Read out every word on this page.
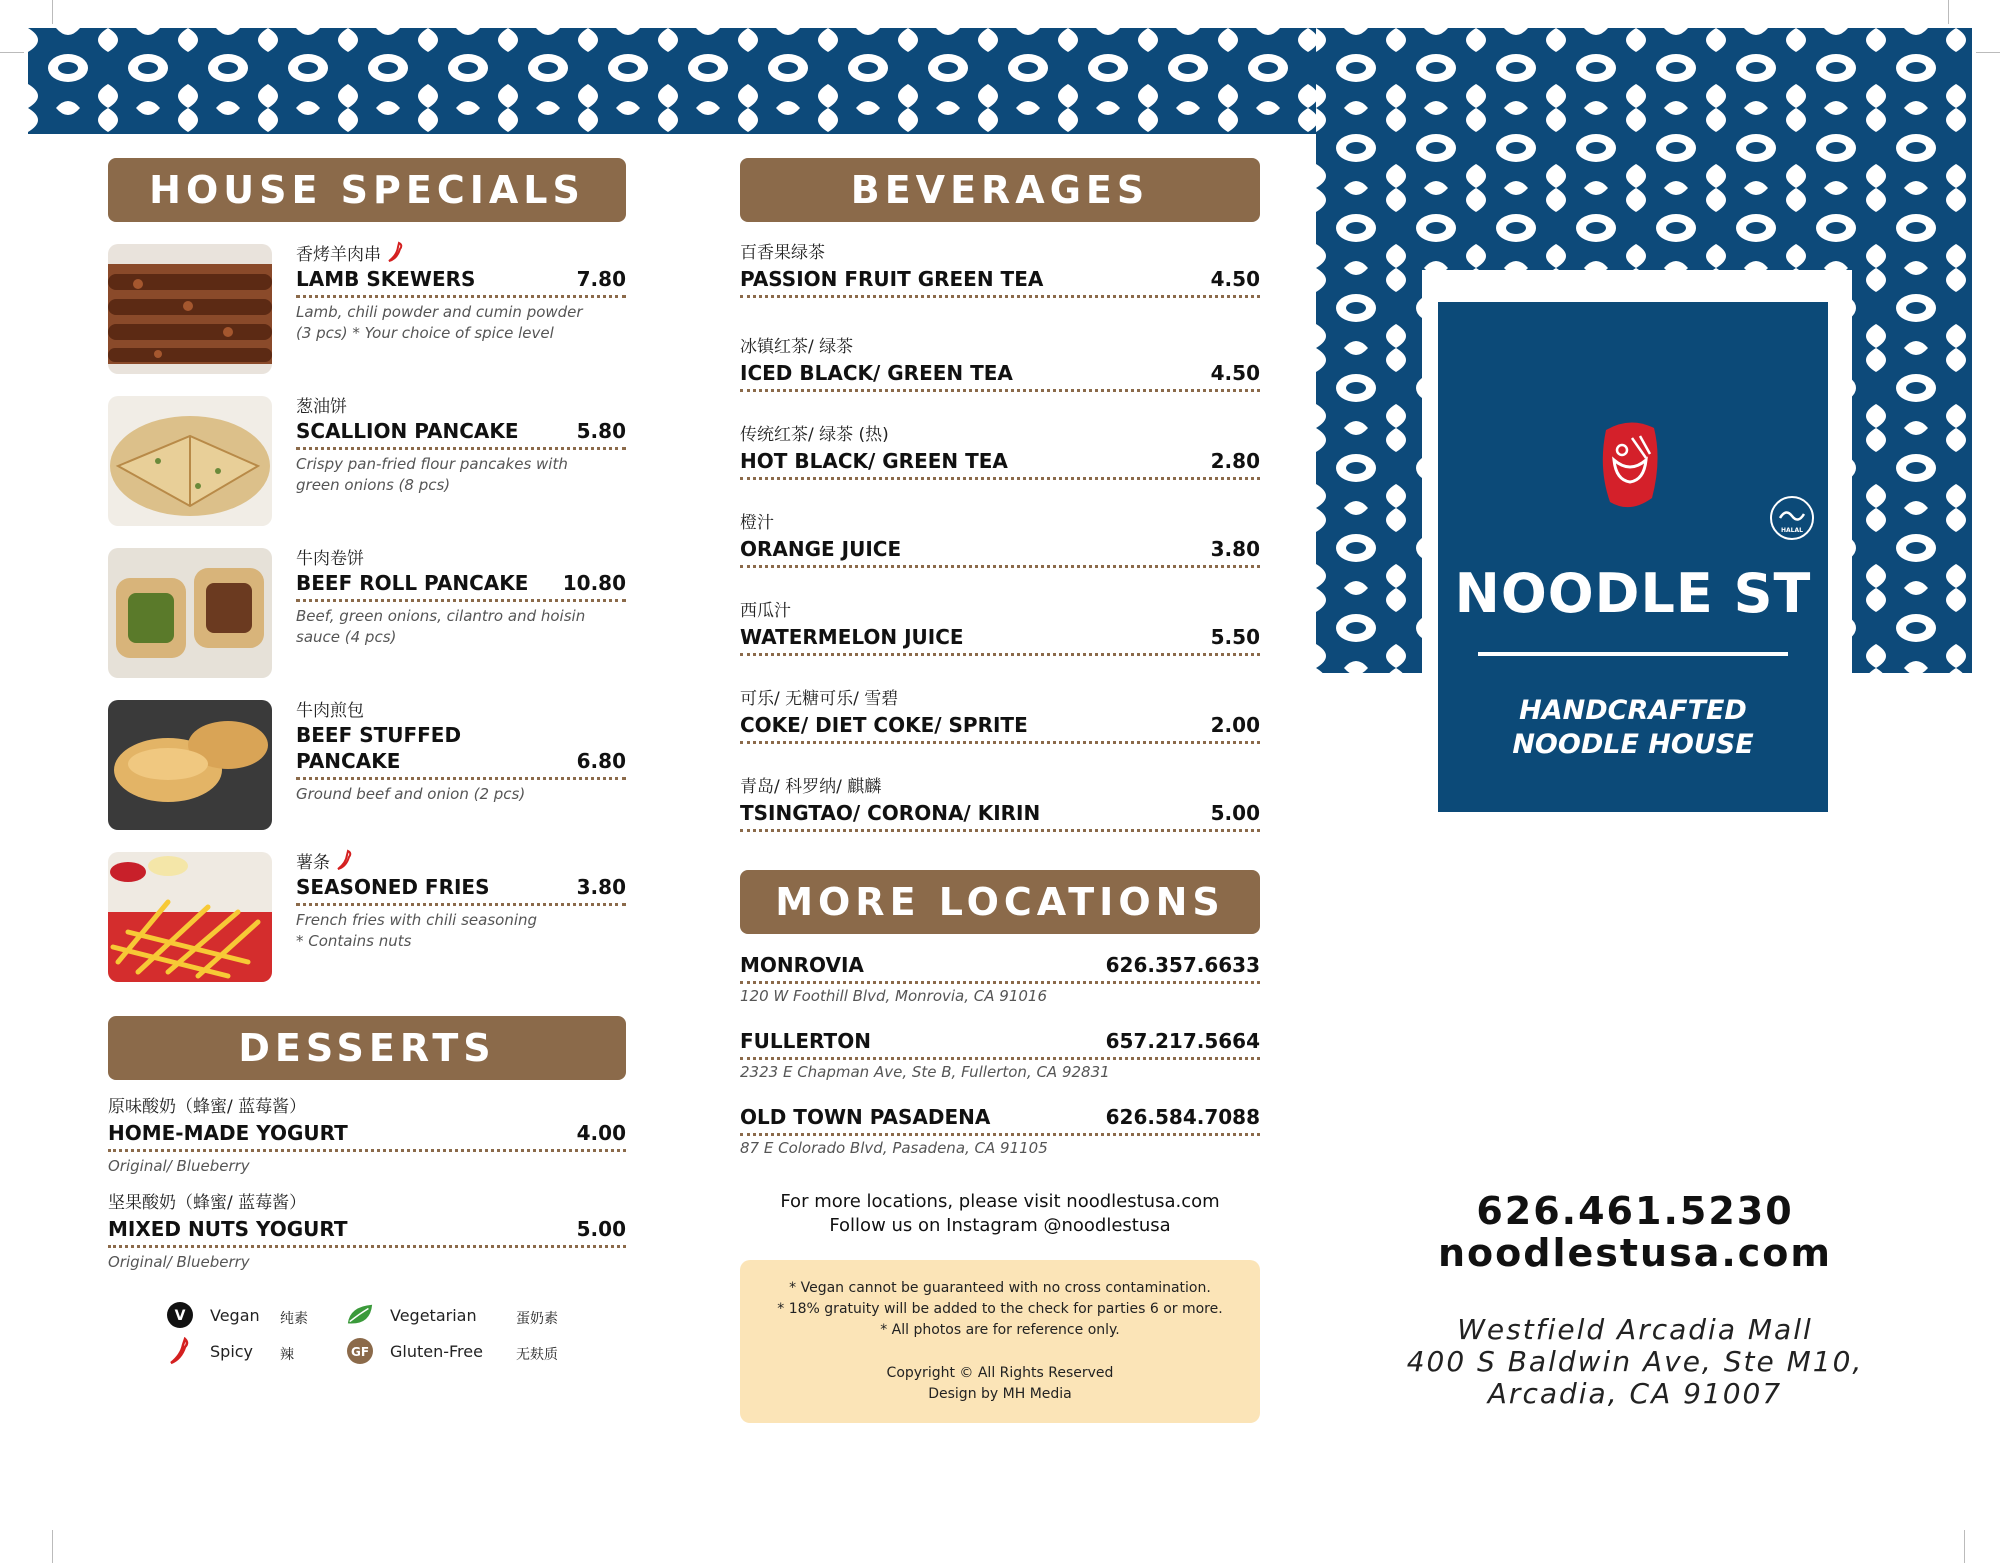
HOUSE SPECIALS
香烤羊肉串
LAMB SKEWERS	7.80
Lamb, chili powder and cumin powder
(3 pcs) * Your choice of spice level
葱油饼
SCALLION PANCAKE	5.80
Crispy pan-fried flour pancakes with
green onions (8 pcs)
牛肉卷饼
BEEF ROLL PANCAKE 10.80
Beef, green onions, cilantro and hoisin
sauce (4 pcs)
牛肉煎包
BEEF STUFFED
PANCAKE	6.80
Ground beef and onion (2 pcs)
薯条
SEASONED FRIES	3.80
French fries with chili seasoning
* Contains nuts
DESSERTS
原味酸奶（蜂蜜/ 蓝莓酱）
HOME-MADE YOGURT	4.00
Original/ Blueberry
坚果酸奶（蜂蜜/ 蓝莓酱）
MIXED NUTS YOGURT	5.00
Original/ Blueberry
V Vegan 纯素	Vegetarian	蛋奶素
Spicy 辣	GF Gluten-Free 无麸质
BEVERAGES
百香果绿茶
PASSION FRUIT GREEN TEA	4.50
冰镇红茶/ 绿茶
ICED BLACK/ GREEN TEA	4.50
传统红茶/ 绿茶 (热)
HOT BLACK/ GREEN TEA	2.80
橙汁
ORANGE JUICE	3.80
西瓜汁
WATERMELON JUICE	5.50
可乐/ 无糖可乐/ 雪碧
COKE/ DIET COKE/ SPRITE	2.00
青岛/ 科罗纳/ 麒麟
TSINGTAO/ CORONA/ KIRIN	5.00
MORE LOCATIONS
MONROVIA	626.357.6633
120 W Foothill Blvd, Monrovia, CA 91016
FULLERTON	657.217.5664
2323 E Chapman Ave, Ste B, Fullerton, CA 92831
OLD TOWN PASADENA	626.584.7088
87 E Colorado Blvd, Pasadena, CA 91105
For more locations, please visit noodlestusa.com
Follow us on Instagram @noodlestusa
* Vegan cannot be guaranteed with no cross contamination.
* 18% gratuity will be added to the check for parties 6 or more.
* All photos are for reference only.
Copyright © All Rights Reserved
Design by MH Media
HALAL
NOODLE ST
HANDCRAFTED
NOODLE HOUSE
626.461.5230
noodlestusa.com
Westfield Arcadia Mall
400 S Baldwin Ave, Ste M10,
Arcadia, CA 91007
